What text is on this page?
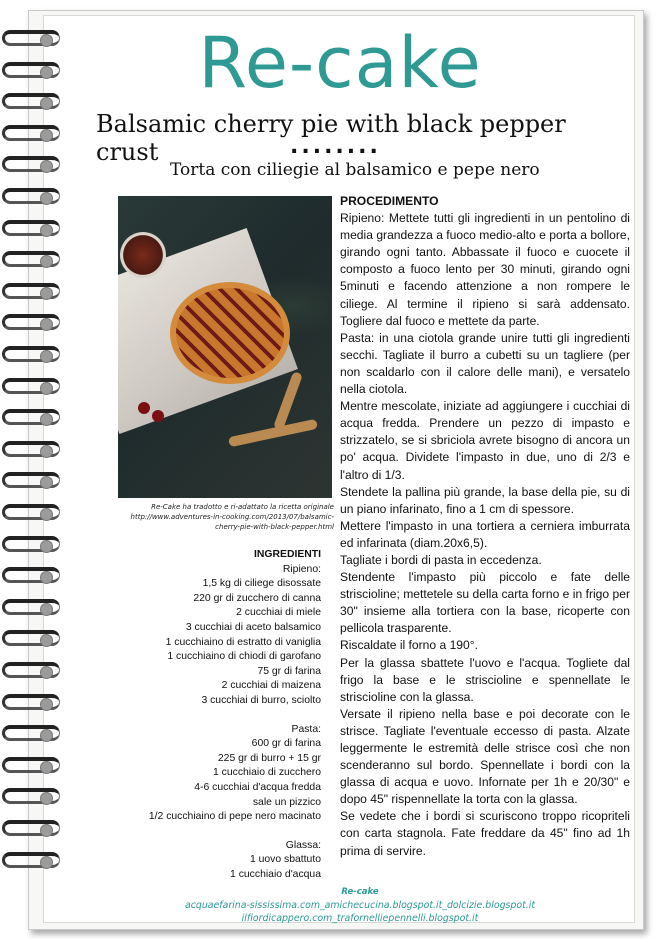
Re-cake
Balsamic cherry pie with black pepper crust	........
Torta con ciliegie al balsamico e pepe nero
Re-Cake ha tradotto e ri-adattato la ricetta originale
http://www.adventures-in-cooking.com/2013/07/balsamic-
cherry-pie-with-black-pepper.html
INGREDIENTI
Ripieno:
1,5 kg di ciliege disossate
220 gr di zucchero di canna
2 cucchiai di miele
3 cucchiai di aceto balsamico
1 cucchiaino di estratto di vaniglia
1 cucchiaino di chiodi di garofano
75 gr di farina
2 cucchiai di maizena
3 cucchiai di burro, sciolto
Pasta:
600 gr di farina
225 gr di burro + 15 gr
1 cucchiaio di zucchero
4-6 cucchiai d'acqua fredda
sale un pizzico
1/2 cucchiaino di pepe nero macinato
Glassa:
1 uovo sbattuto
1 cucchiaio d'acqua

PROCEDIMENTO

Ripieno: Mettete tutti gli ingredienti in un pentolino di media grandezza a fuoco medio-alto e porta a bollore, girando ogni tanto. Abbassate il fuoco e cuocete il composto a fuoco lento per 30 minuti, girando ogni 5minuti e facendo attenzione a non rompere le ciliege. Al termine il ripieno si sarà addensato. Togliere dal fuoco e mettete da parte.

Pasta: in una ciotola grande unire tutti gli ingredienti secchi. Tagliate il burro a cubetti su un tagliere (per non scaldarlo con il calore delle mani), e versatelo nella ciotola.

Mentre mescolate, iniziate ad aggiungere i cucchiai di acqua fredda. Prendere un pezzo di impasto e strizzatelo, se si sbriciola avrete bisogno di ancora un po' acqua. Dividete l'impasto in due, uno di 2/3 e l'altro di 1/3.

Stendete la pallina più grande, la base della pie, su di un piano infarinato, fino a 1 cm di spessore.

Mettere l'impasto in una tortiera a cerniera imburrata ed infarinata (diam.20x6,5).

Tagliate i bordi di pasta in eccedenza.

Stendente l'impasto più piccolo e fate delle striscioline; mettetele su della carta forno e in frigo per 30" insieme alla tortiera con la base, ricoperte con pellicola trasparente.

Riscaldate il forno a 190°.

Per la glassa sbattete l'uovo e l'acqua. Togliete dal frigo la base e le striscioline e spennellate le striscioline con la glassa.

Versate il ripieno nella base e poi decorate con le strisce. Tagliate l'eventuale eccesso di pasta. Alzate leggermente le estremità delle strisce così che non scenderanno sul bordo. Spennellate i bordi con la glassa di acqua e uovo. Infornate per 1h e 20/30" e dopo 45" rispennellate la torta con la glassa.

Se vedete che i bordi si scuriscono troppo ricopriteli con carta stagnola. Fate freddare da 45" fino ad 1h prima di servire.

Re-cake
acquaefarina-sississima.com_amichecucina.blogspot.it_dolcizie.blogspot.it
ilfiordicappero.com_trafornelliepennelli.blogspot.it
